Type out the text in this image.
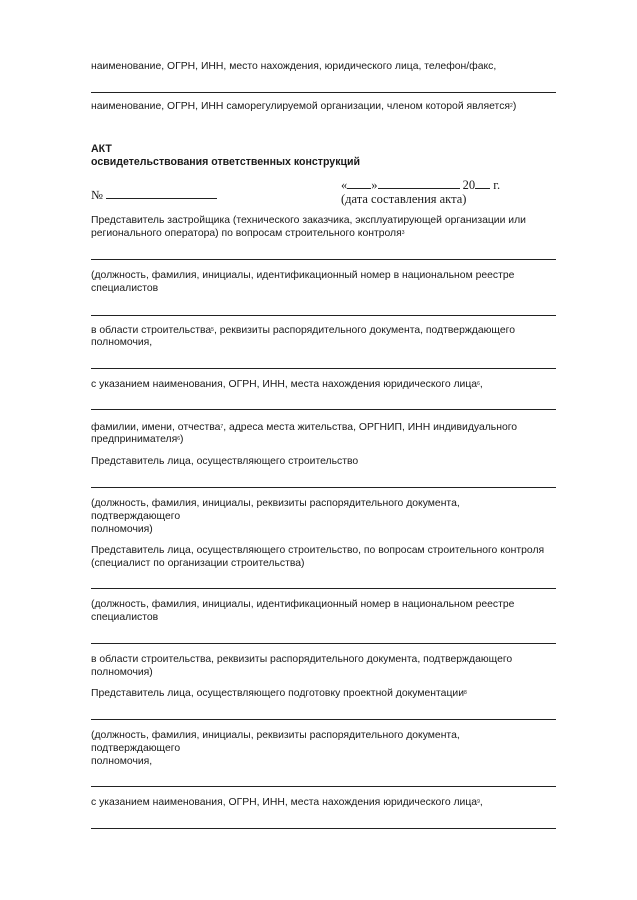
наименование, ОГРН, ИНН, место нахождения, юридического лица, телефон/факс,
наименование, ОГРН, ИНН саморегулируемой организации, членом которой является$^2$)
АКТ
освидетельствования ответственных конструкций
№
« »	20 г.
(дата составления акта)
Представитель застройщика (технического заказчика, эксплуатирующей организации или
регионального оператора) по вопросам строительного контроля$^3$
(должность, фамилия, инициалы, идентификационный номер в национальном реестре
специалистов
в области строительства$^5$, реквизиты распорядительного документа, подтверждающего
полномочия,
с указанием наименования, ОГРН, ИНН, места нахождения юридического лица$^6$,
фамилии, имени, отчества$^7$, адреса места жительства, ОРГНИП, ИНН индивидуального
предпринимателя$^6$)
Представитель лица, осуществляющего строительство
(должность, фамилия, инициалы, реквизиты распорядительного документа,
подтверждающего
полномочия)
Представитель лица, осуществляющего строительство, по вопросам строительного контроля
(специалист по организации строительства)
(должность, фамилия, инициалы, идентификационный номер в национальном реестре
специалистов
в области строительства, реквизиты распорядительного документа, подтверждающего
полномочия)
Представитель лица, осуществляющего подготовку проектной документации$^8$
(должность, фамилия, инициалы, реквизиты распорядительного документа,
подтверждающего
полномочия,
с указанием наименования, ОГРН, ИНН, места нахождения юридического лица$^9$,
